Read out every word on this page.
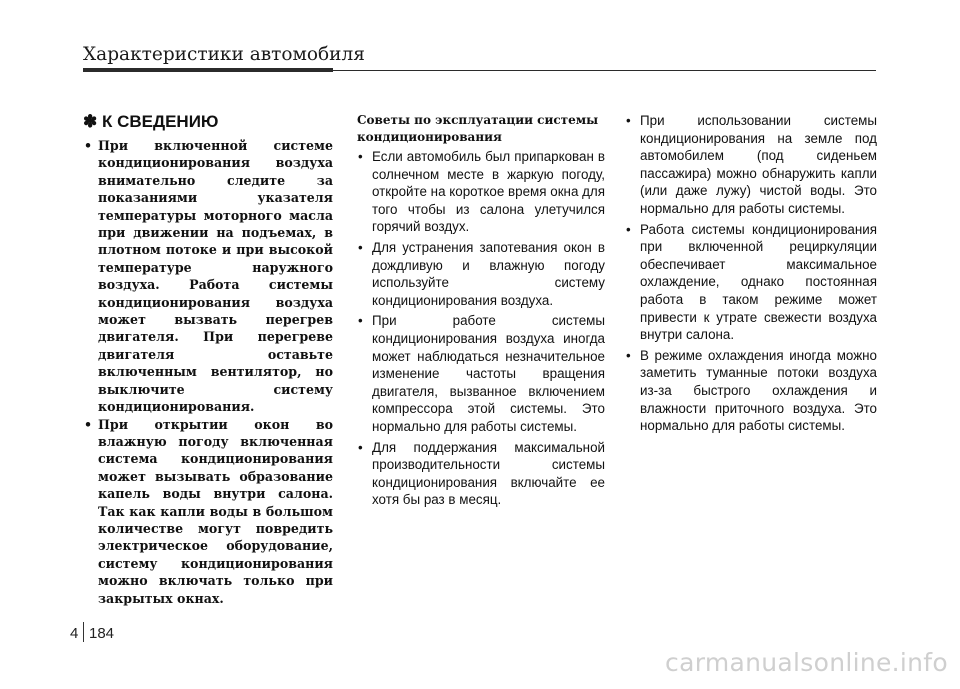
Характеристики автомобиля
✽ К СВЕДЕНИЮ
• При включенной системе кондиционирования воздуха внимательно следите за показаниями указателя температуры моторного масла при движении на подъемах, в плотном потоке и при высокой температуре наружного воздуха. Работа системы кондиционирования воздуха может вызвать перегрев двигателя. При перегреве двигателя оставьте включенным вентилятор, но выключите систему кондиционирования.
• При открытии окон во влажную погоду включенная система кондиционирования может вызывать образование капель воды внутри салона. Так как капли воды в большом количестве могут повредить электрическое оборудование, систему кондиционирования можно включать только при закрытых окнах.
Советы по эксплуатации системы кондиционирования
• Если автомобиль был припаркован в солнечном месте в жаркую погоду, откройте на короткое время окна для того чтобы из салона улетучился горячий воздух.
• Для устранения запотевания окон в дождливую и влажную погоду используйте систему кондиционирования воздуха.
• При работе системы кондиционирования воздуха иногда может наблюдаться незначительное изменение частоты вращения двигателя, вызванное включением компрессора этой системы. Это нормально для работы системы.
• Для поддержания максимальной производительности системы кондиционирования включайте ее хотя бы раз в месяц.
• При использовании системы кондиционирования на земле под автомобилем (под сиденьем пассажира) можно обнаружить капли (или даже лужу) чистой воды. Это нормально для работы системы.
• Работа системы кондиционирования при включенной рециркуляции обеспечивает максимальное охлаждение, однако постоянная работа в таком режиме может привести к утрате свежести воздуха внутри салона.
• В режиме охлаждения иногда можно заметить туманные потоки воздуха из-за быстрого охлаждения и влажности приточного воздуха. Это нормально для работы системы.
4 184
carmanualsonline.info
